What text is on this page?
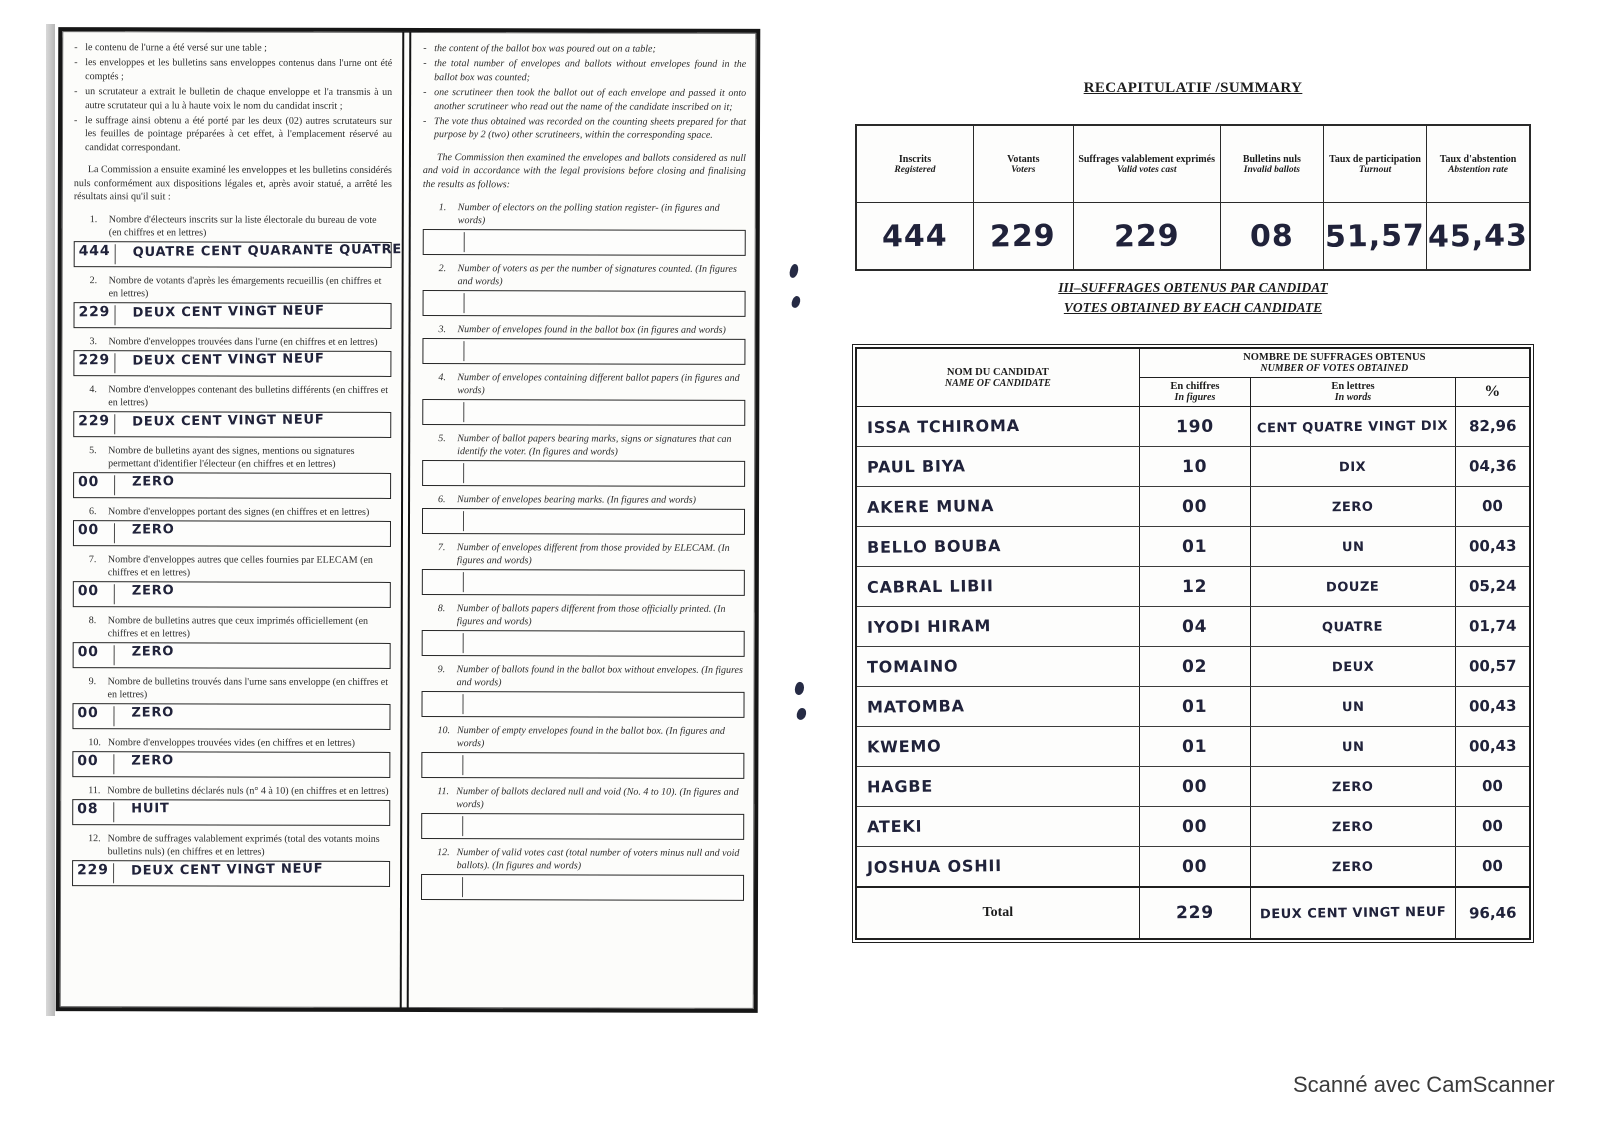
- le contenu de l'urne a été versé sur une table ;
- les enveloppes et les bulletins sans enveloppes contenus dans l'urne ont été comptés ;
- un scrutateur a extrait le bulletin de chaque enveloppe et l'a transmis à un autre scrutateur qui a lu à haute voix le nom du candidat inscrit ;
- le suffrage ainsi obtenu a été porté par les deux (02) autres scrutateurs sur les feuilles de pointage préparées à cet effet, à l'emplacement réservé au candidat correspondant.

La Commission a ensuite examiné les enveloppes et les bulletins considérés nuls conformément aux dispositions légales et, après avoir statué, a arrêté les résultats ainsi qu'il suit :

1.	Nombre d'électeurs inscrits sur la liste électorale du bureau de vote (en chiffres et en lettres)
444 QUATRE CENT QUARANTE QUATRE
2.	Nombre de votants d'après les émargements recueillis (en chiffres et en lettres)
229 DEUX CENT VINGT NEUF
3.	Nombre d'enveloppes trouvées dans l'urne (en chiffres et en lettres)
229 DEUX CENT VINGT NEUF
4.	Nombre d'enveloppes contenant des bulletins différents (en chiffres et en lettres)
229 DEUX CENT VINGT NEUF
5.	Nombre de bulletins ayant des signes, mentions ou signatures permettant d'identifier l'électeur (en chiffres et en lettres)
00	ZERO
6.	Nombre d'enveloppes portant des signes (en chiffres et en lettres)
00	ZERO
7.	Nombre d'enveloppes autres que celles fournies par ELECAM (en chiffres et en lettres)
00	ZERO
8.	Nombre de bulletins autres que ceux imprimés officiellement (en chiffres et en lettres)
00	ZERO
9.	Nombre de bulletins trouvés dans l'urne sans enveloppe (en chiffres et en lettres)
00	ZERO
10. Nombre d'enveloppes trouvées vides (en chiffres et en lettres)
00	ZERO
11. Nombre de bulletins déclarés nuls (n° 4 à 10) (en chiffres et en lettres)
08	HUIT
12. Nombre de suffrages valablement exprimés (total des votants moins bulletins nuls) (en chiffres et en lettres)
229 DEUX CENT VINGT NEUF
- the content of the ballot box was poured out on a table;
- the total number of envelopes and ballots without envelopes found in the ballot box was counted;
- one scrutineer then took the ballot out of each envelope and passed it onto another scrutineer who read out the name of the candidate inscribed on it;
- The vote thus obtained was recorded on the counting sheets prepared for that purpose by 2 (two) other scrutineers, within the corresponding space.

The Commission then examined the envelopes and ballots considered as null and void in accordance with the legal provisions before closing and finalising the results as follows:

1.	Number of electors on the polling station register- (in figures and words)
2.	Number of voters as per the number of signatures counted. (In figures and words)
3.	Number of envelopes found in the ballot box (in figures and words)
4.	Number of envelopes containing different ballot papers (in figures and words)
5.	Number of ballot papers bearing marks, signs or signatures that can identify the voter. (In figures and words)
6.	Number of envelopes bearing marks. (In figures and words)
7.	Number of envelopes different from those provided by ELECAM. (In figures and words)
8.	Number of ballots papers different from those officially printed. (In figures and words)
9.	Number of ballots found in the ballot box without envelopes. (In figures and words)
10. Number of empty envelopes found in the ballot box. (In figures and words)
11. Number of ballots declared null and void (No. 4 to 10). (In figures and words)
12. Number of valid votes cast (total number of voters minus null and void ballots). (In figures and words)
RECAPITULATIF /SUMMARY
Inscrits
Registered

Votants
Voters

Suffrages valablement exprimés
Valid votes cast

Bulletins nuls
Invalid ballots

Taux de participation
Turnout

Taux d'abstention
Abstention rate

444	229	229	08	51,57	45,43
III–SUFFRAGES OBTENUS PAR CANDIDAT
VOTES OBTAINED BY EACH CANDIDATE
NOM DU CANDIDAT
NAME OF CANDIDATE

NOMBRE DE SUFFRAGES OBTENUS
NUMBER OF VOTES OBTAINED

En chiffres
In figures

En lettres
In words	%
ISSA TCHIROMA	190	CENT QUATRE VINGT DIX	82,96
PAUL BIYA	10	DIX	04,36
AKERE MUNA	00	ZERO	00
BELLO BOUBA	01	UN	00,43
CABRAL LIBII	12	DOUZE	05,24
IYODI HIRAM	04	QUATRE	01,74
TOMAINO	02	DEUX	00,57
MATOMBA	01	UN	00,43
KWEMO	01	UN	00,43
HAGBE	00	ZERO	00
ATEKI	00	ZERO	00
JOSHUA OSHII	00	ZERO	00
Total	229	DEUX CENT VINGT NEUF	96,46
Scanné avec CamScanner
